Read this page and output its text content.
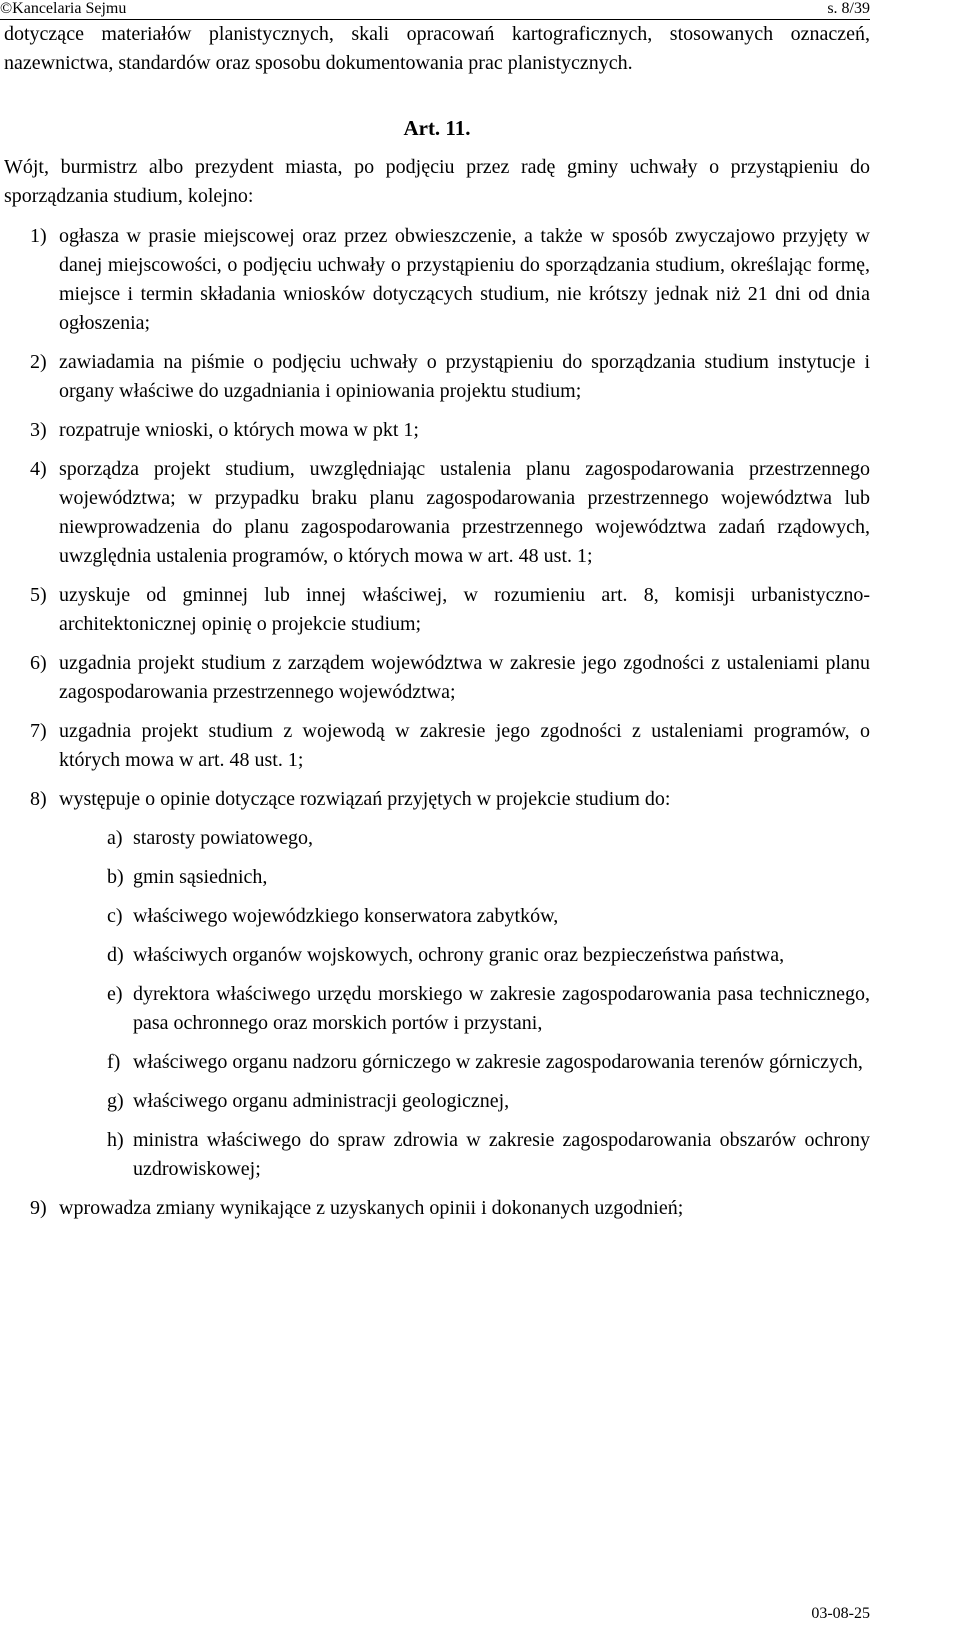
©Kancelaria Sejmu	s. 8/39

dotyczące materiałów planistycznych, skali opracowań kartograficznych, stosowanych oznaczeń, nazewnictwa, standardów oraz sposobu dokumentowania prac planistycznych.

Art. 11.

Wójt, burmistrz albo prezydent miasta, po podjęciu przez radę gminy uchwały o przystąpieniu do sporządzania studium, kolejno:

1) ogłasza w prasie miejscowej oraz przez obwieszczenie, a także w sposób zwyczajowo przyjęty w danej miejscowości, o podjęciu uchwały o przystąpieniu do sporządzania studium, określając formę, miejsce i termin składania wniosków dotyczących studium, nie krótszy jednak niż 21 dni od dnia ogłoszenia;
2) zawiadamia na piśmie o podjęciu uchwały o przystąpieniu do sporządzania studium instytucje i organy właściwe do uzgadniania i opiniowania projektu studium;
3) rozpatruje wnioski, o których mowa w pkt 1;
4) sporządza projekt studium, uwzględniając ustalenia planu zagospodarowania przestrzennego województwa; w przypadku braku planu zagospodarowania przestrzennego województwa lub niewprowadzenia do planu zagospodarowania przestrzennego województwa zadań rządowych, uwzględnia ustalenia programów, o których mowa w art. 48 ust. 1;
5) uzyskuje od gminnej lub innej właściwej, w rozumieniu art. 8, komisji urbanistyczno-architektonicznej opinię o projekcie studium;
6) uzgadnia projekt studium z zarządem województwa w zakresie jego zgodności z ustaleniami planu zagospodarowania przestrzennego województwa;
7) uzgadnia projekt studium z wojewodą w zakresie jego zgodności z ustaleniami programów, o których mowa w art. 48 ust. 1;
8) występuje o opinie dotyczące rozwiązań przyjętych w projekcie studium do:
a) starosty powiatowego,
b) gmin sąsiednich,
c) właściwego wojewódzkiego konserwatora zabytków,
d) właściwych organów wojskowych, ochrony granic oraz bezpieczeństwa państwa,
e) dyrektora właściwego urzędu morskiego w zakresie zagospodarowania pasa technicznego, pasa ochronnego oraz morskich portów i przystani,
f) właściwego organu nadzoru górniczego w zakresie zagospodarowania terenów górniczych,
g) właściwego organu administracji geologicznej,
h) ministra właściwego do spraw zdrowia w zakresie zagospodarowania obszarów ochrony uzdrowiskowej;
9) wprowadza zmiany wynikające z uzyskanych opinii i dokonanych uzgodnień;
03-08-25
